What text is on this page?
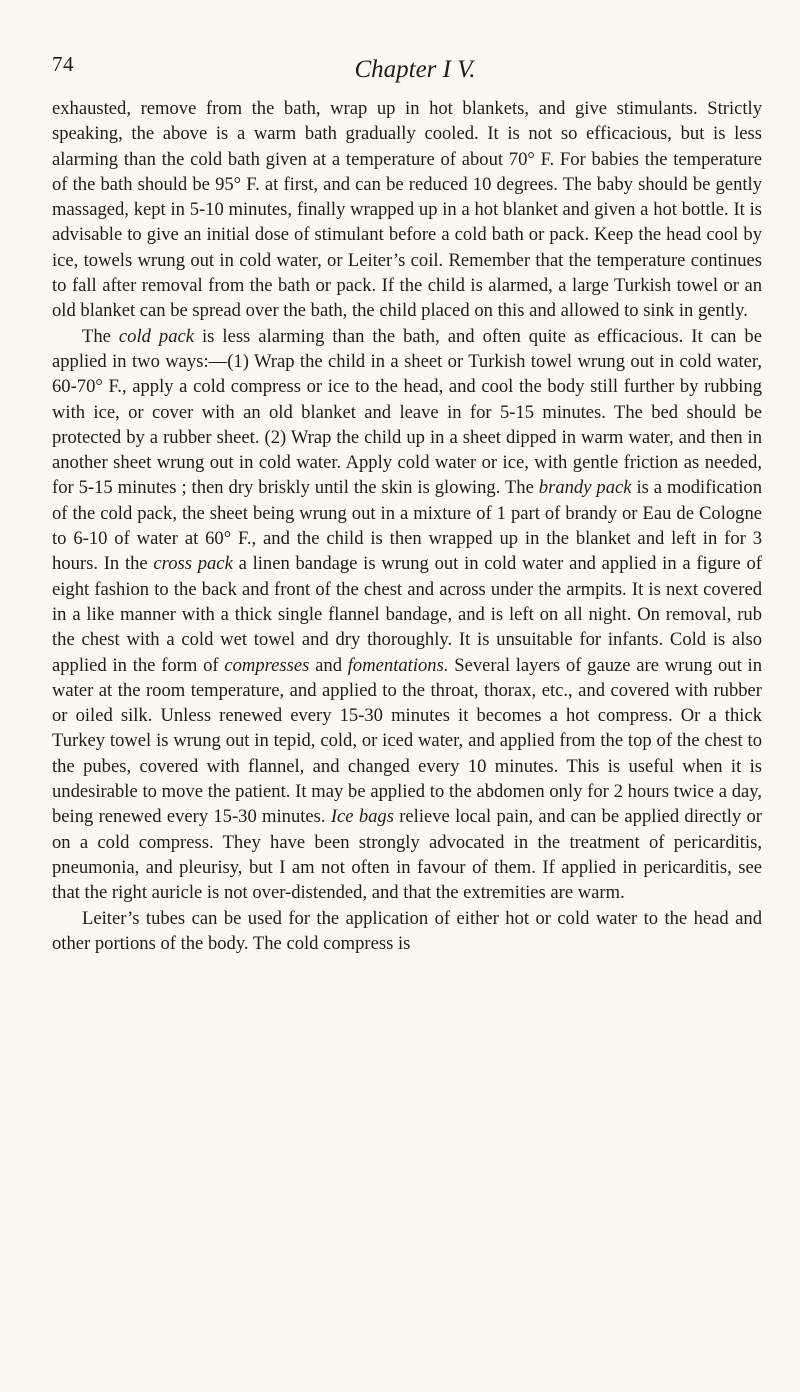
74	Chapter I V.

exhausted, remove from the bath, wrap up in hot blankets, and give stimulants. Strictly speaking, the above is a warm bath gradually cooled. It is not so efficacious, but is less alarming than the cold bath given at a temperature of about 70° F. For babies the temperature of the bath should be 95° F. at first, and can be reduced 10 degrees. The baby should be gently massaged, kept in 5-10 minutes, finally wrapped up in a hot blanket and given a hot bottle. It is advisable to give an initial dose of stimulant before a cold bath or pack. Keep the head cool by ice, towels wrung out in cold water, or Leiter’s coil. Remember that the temperature continues to fall after removal from the bath or pack. If the child is alarmed, a large Turkish towel or an old blanket can be spread over the bath, the child placed on this and allowed to sink in gently.

The cold pack is less alarming than the bath, and often quite as efficacious. It can be applied in two ways:—(1) Wrap the child in a sheet or Turkish towel wrung out in cold water, 60-70° F., apply a cold compress or ice to the head, and cool the body still further by rubbing with ice, or cover with an old blanket and leave in for 5-15 minutes. The bed should be protected by a rubber sheet. (2) Wrap the child up in a sheet dipped in warm water, and then in another sheet wrung out in cold water. Apply cold water or ice, with gentle friction as needed, for 5-15 minutes ; then dry briskly until the skin is glowing. The brandy pack is a modification of the cold pack, the sheet being wrung out in a mixture of 1 part of brandy or Eau de Cologne to 6-10 of water at 60° F., and the child is then wrapped up in the blanket and left in for 3 hours. In the cross pack a linen bandage is wrung out in cold water and applied in a figure of eight fashion to the back and front of the chest and across under the armpits. It is next covered in a like manner with a thick single flannel bandage, and is left on all night. On removal, rub the chest with a cold wet towel and dry thoroughly. It is unsuitable for infants. Cold is also applied in the form of compresses and fomentations. Several layers of gauze are wrung out in water at the room temperature, and applied to the throat, thorax, etc., and covered with rubber or oiled silk. Unless renewed every 15-30 minutes it becomes a hot compress. Or a thick Turkey towel is wrung out in tepid, cold, or iced water, and applied from the top of the chest to the pubes, covered with flannel, and changed every 10 minutes. This is useful when it is undesirable to move the patient. It may be applied to the abdomen only for 2 hours twice a day, being renewed every 15-30 minutes. Ice bags relieve local pain, and can be applied directly or on a cold compress. They have been strongly advocated in the treatment of pericarditis, pneumonia, and pleurisy, but I am not often in favour of them. If applied in pericarditis, see that the right auricle is not over-distended, and that the extremities are warm.

Leiter’s tubes can be used for the application of either hot or cold water to the head and other portions of the body. The cold compress is
